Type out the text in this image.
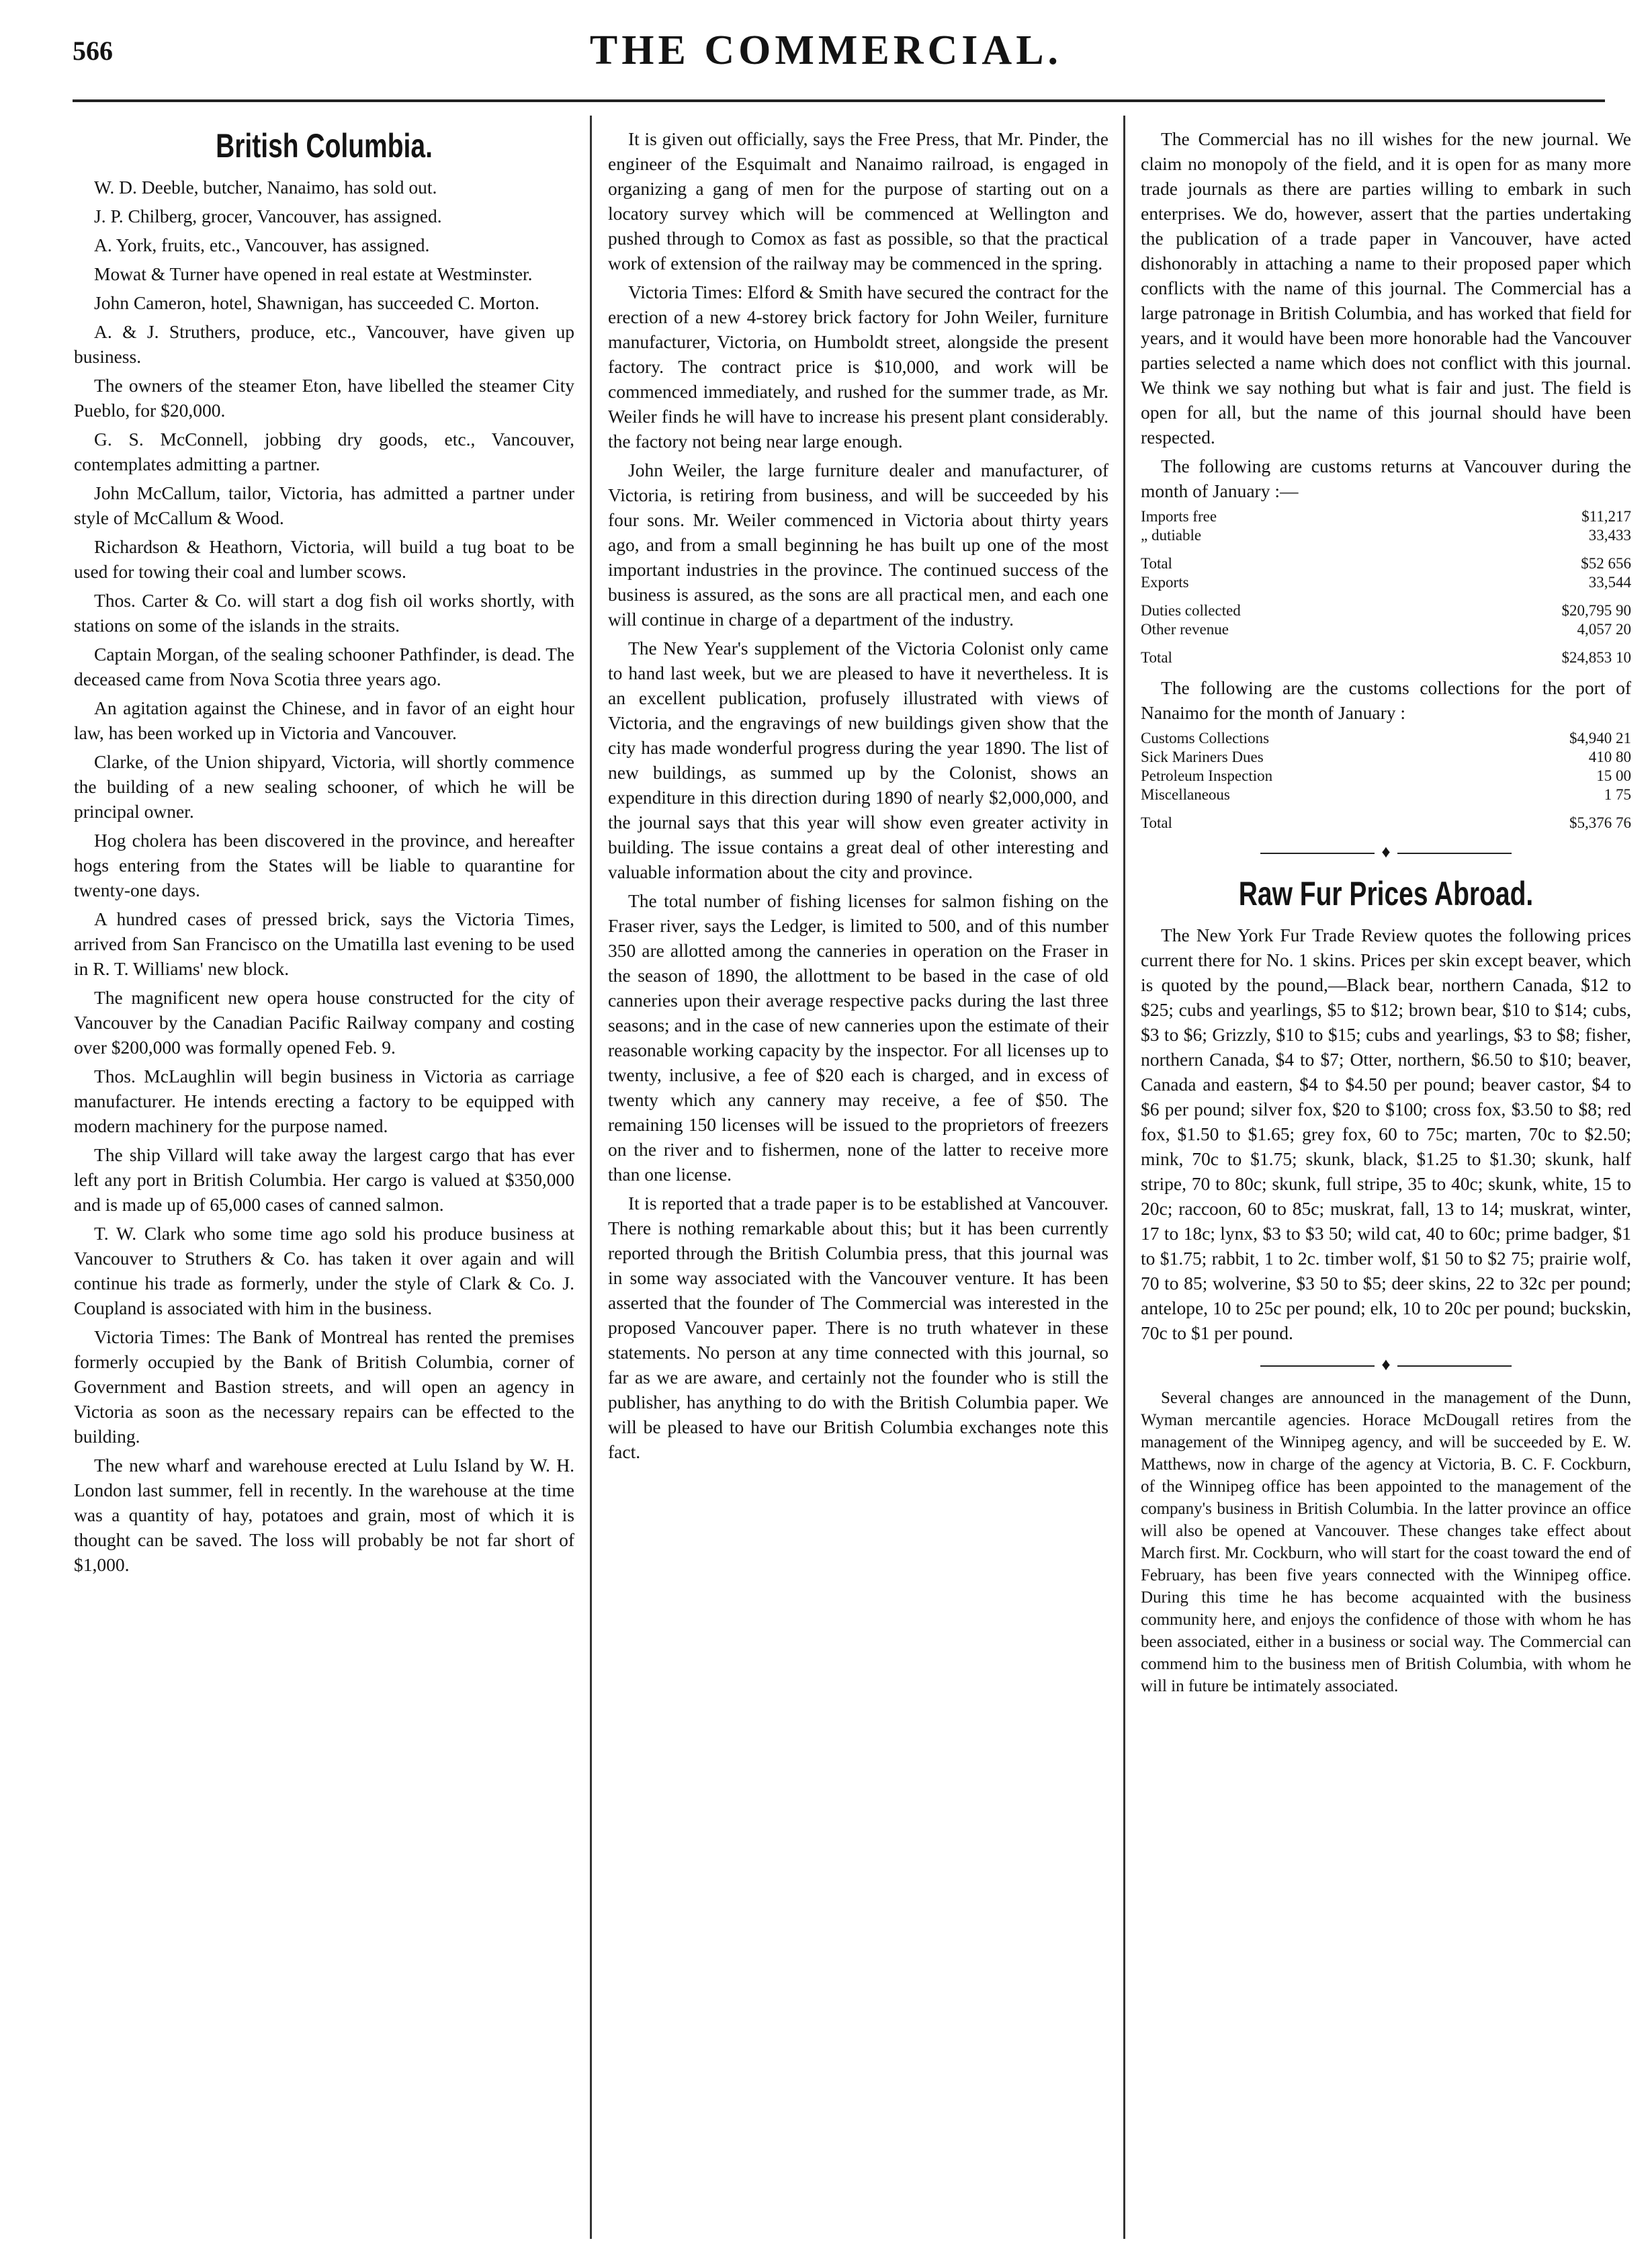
566	THE COMMERCIAL.
British Columbia.

W. D. Deeble, butcher, Nanaimo, has sold out.

J. P. Chilberg, grocer, Vancouver, has assigned.

A. York, fruits, etc., Vancouver, has assigned.

Mowat & Turner have opened in real estate at Westminster.

John Cameron, hotel, Shawnigan, has succeeded C. Morton.

A. & J. Struthers, produce, etc., Vancouver, have given up business.

The owners of the steamer Eton, have libelled the steamer City Pueblo, for $20,000.

G. S. McConnell, jobbing dry goods, etc., Vancouver, contemplates admitting a partner.

John McCallum, tailor, Victoria, has admitted a partner under style of McCallum & Wood.

Richardson & Heathorn, Victoria, will build a tug boat to be used for towing their coal and lumber scows.

Thos. Carter & Co. will start a dog fish oil works shortly, with stations on some of the islands in the straits.

Captain Morgan, of the sealing schooner Pathfinder, is dead. The deceased came from Nova Scotia three years ago.

An agitation against the Chinese, and in favor of an eight hour law, has been worked up in Victoria and Vancouver.

Clarke, of the Union shipyard, Victoria, will shortly commence the building of a new sealing schooner, of which he will be principal owner.

Hog cholera has been discovered in the province, and hereafter hogs entering from the States will be liable to quarantine for twenty-one days.

A hundred cases of pressed brick, says the Victoria Times, arrived from San Francisco on the Umatilla last evening to be used in R. T. Williams' new block.

The magnificent new opera house constructed for the city of Vancouver by the Canadian Pacific Railway company and costing over $200,000 was formally opened Feb. 9.

Thos. McLaughlin will begin business in Victoria as carriage manufacturer. He intends erecting a factory to be equipped with modern machinery for the purpose named.

The ship Villard will take away the largest cargo that has ever left any port in British Columbia. Her cargo is valued at $350,000 and is made up of 65,000 cases of canned salmon.

T. W. Clark who some time ago sold his produce business at Vancouver to Struthers & Co. has taken it over again and will continue his trade as formerly, under the style of Clark & Co. J. Coupland is associated with him in the business.

Victoria Times: The Bank of Montreal has rented the premises formerly occupied by the Bank of British Columbia, corner of Government and Bastion streets, and will open an agency in Victoria as soon as the necessary repairs can be effected to the building.

The new wharf and warehouse erected at Lulu Island by W. H. London last summer, fell in recently. In the warehouse at the time was a quantity of hay, potatoes and grain, most of which it is thought can be saved. The loss will probably be not far short of $1,000.

It is given out officially, says the Free Press, that Mr. Pinder, the engineer of the Esquimalt and Nanaimo railroad, is engaged in organizing a gang of men for the purpose of starting out on a locatory survey which will be commenced at Wellington and pushed through to Comox as fast as possible, so that the practical work of extension of the railway may be commenced in the spring.

Victoria Times: Elford & Smith have secured the contract for the erection of a new 4-storey brick factory for John Weiler, furniture manufacturer, Victoria, on Humboldt street, alongside the present factory. The contract price is $10,000, and work will be commenced immediately, and rushed for the summer trade, as Mr. Weiler finds he will have to increase his present plant considerably. the factory not being near large enough.

John Weiler, the large furniture dealer and manufacturer, of Victoria, is retiring from business, and will be succeeded by his four sons. Mr. Weiler commenced in Victoria about thirty years ago, and from a small beginning he has built up one of the most important industries in the province. The continued success of the business is assured, as the sons are all practical men, and each one will continue in charge of a department of the industry.

The New Year's supplement of the Victoria Colonist only came to hand last week, but we are pleased to have it nevertheless. It is an excellent publication, profusely illustrated with views of Victoria, and the engravings of new buildings given show that the city has made wonderful progress during the year 1890. The list of new buildings, as summed up by the Colonist, shows an expenditure in this direction during 1890 of nearly $2,000,000, and the journal says that this year will show even greater activity in building. The issue contains a great deal of other interesting and valuable information about the city and province.

The total number of fishing licenses for salmon fishing on the Fraser river, says the Ledger, is limited to 500, and of this number 350 are allotted among the canneries in operation on the Fraser in the season of 1890, the allottment to be based in the case of old canneries upon their average respective packs during the last three seasons; and in the case of new canneries upon the estimate of their reasonable working capacity by the inspector. For all licenses up to twenty, inclusive, a fee of $20 each is charged, and in excess of twenty which any cannery may receive, a fee of $50. The remaining 150 licenses will be issued to the proprietors of freezers on the river and to fishermen, none of the latter to receive more than one license.

It is reported that a trade paper is to be established at Vancouver. There is nothing remarkable about this; but it has been currently reported through the British Columbia press, that this journal was in some way associated with the Vancouver venture. It has been asserted that the founder of The Commercial was interested in the proposed Vancouver paper. There is no truth whatever in these statements. No person at any time connected with this journal, so far as we are aware, and certainly not the founder who is still the publisher, has anything to do with the British Columbia paper. We will be pleased to have our British Columbia exchanges note this fact.

The Commercial has no ill wishes for the new journal. We claim no monopoly of the field, and it is open for as many more trade journals as there are parties willing to embark in such enterprises. We do, however, assert that the parties undertaking the publication of a trade paper in Vancouver, have acted dishonorably in attaching a name to their proposed paper which conflicts with the name of this journal. The Commercial has a large patronage in British Columbia, and has worked that field for years, and it would have been more honorable had the Vancouver parties selected a name which does not conflict with this journal. We think we say nothing but what is fair and just. The field is open for all, but the name of this journal should have been respected.

The following are customs returns at Vancouver during the month of January :—

Imports free	$11,217
„ dutiable	33,433
Total	$52 656
Exports	33,544
Duties collected	$20,795 90
Other revenue	4,057 20
Total	$24,853 10

The following are the customs collections for the port of Nanaimo for the month of January :

Customs Collections	$4,940 21
Sick Mariners Dues	410 80
Petroleum Inspection	15 00
Miscellaneous	1 75
Total	$5,376 76
♦
Raw Fur Prices Abroad.

The New York Fur Trade Review quotes the following prices current there for No. 1 skins. Prices per skin except beaver, which is quoted by the pound,—Black bear, northern Canada, $12 to $25; cubs and yearlings, $5 to $12; brown bear, $10 to $14; cubs, $3 to $6; Grizzly, $10 to $15; cubs and yearlings, $3 to $8; fisher, northern Canada, $4 to $7; Otter, northern, $6.50 to $10; beaver, Canada and eastern, $4 to $4.50 per pound; beaver castor, $4 to $6 per pound; silver fox, $20 to $100; cross fox, $3.50 to $8; red fox, $1.50 to $1.65; grey fox, 60 to 75c; marten, 70c to $2.50; mink, 70c to $1.75; skunk, black, $1.25 to $1.30; skunk, half stripe, 70 to 80c; skunk, full stripe, 35 to 40c; skunk, white, 15 to 20c; raccoon, 60 to 85c; muskrat, fall, 13 to 14; muskrat, winter, 17 to 18c; lynx, $3 to $3 50; wild cat, 40 to 60c; prime badger, $1 to $1.75; rabbit, 1 to 2c. timber wolf, $1 50 to $2 75; prairie wolf, 70 to 85; wolverine, $3 50 to $5; deer skins, 22 to 32c per pound; antelope, 10 to 25c per pound; elk, 10 to 20c per pound; buckskin, 70c to $1 per pound.

♦

Several changes are announced in the management of the Dunn, Wyman mercantile agencies. Horace McDougall retires from the management of the Winnipeg agency, and will be succeeded by E. W. Matthews, now in charge of the agency at Victoria, B. C. F. Cockburn, of the Winnipeg office has been appointed to the management of the company's business in British Columbia. In the latter province an office will also be opened at Vancouver. These changes take effect about March first. Mr. Cockburn, who will start for the coast toward the end of February, has been five years connected with the Winnipeg office. During this time he has become acquainted with the business community here, and enjoys the confidence of those with whom he has been associated, either in a business or social way. The Commercial can commend him to the business men of British Columbia, with whom he will in future be intimately associated.
